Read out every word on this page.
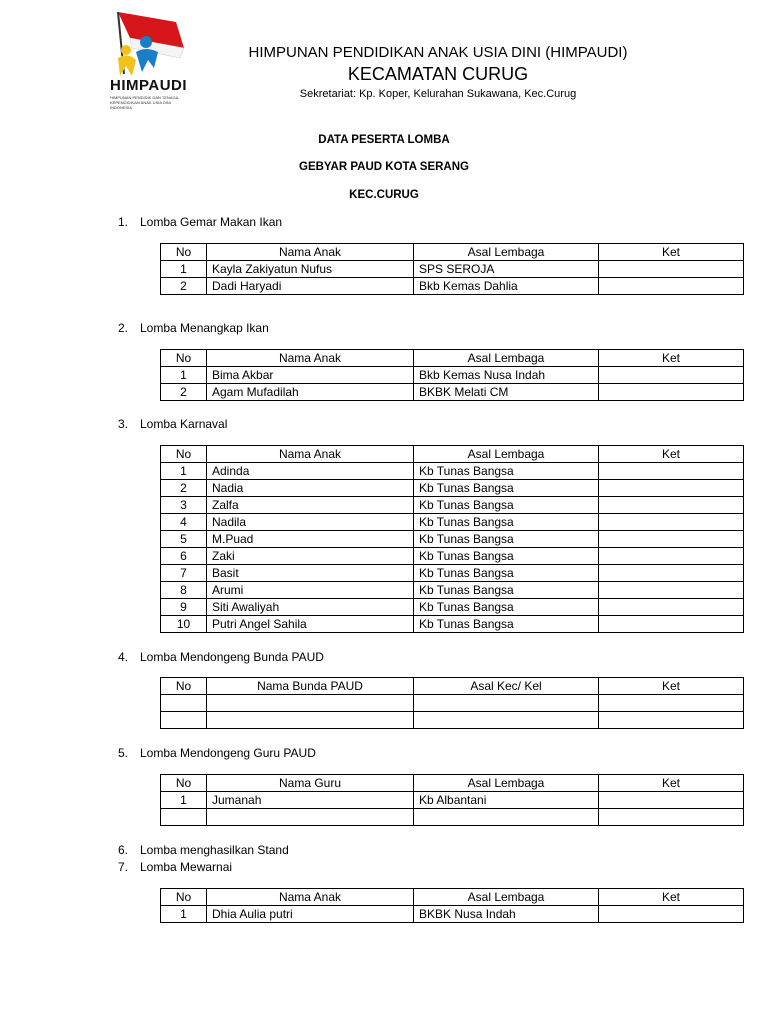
HIMPAUDI
HIMPUNAN PENDIDIK DAN TENAGA KEPENDIDIKAN ANAK USIA DINI INDONESIA
HIMPUNAN PENDIDIKAN ANAK USIA DINI (HIMPAUDI)
KECAMATAN CURUG
Sekretariat: Kp. Koper, Kelurahan Sukawana, Kec.Curug
DATA PESERTA LOMBA
GEBYAR PAUD KOTA SERANG
KEC.CURUG
1. Lomba Gemar Makan Ikan
2. Lomba Menangkap Ikan
3. Lomba Karnaval
4. Lomba Mendongeng Bunda PAUD
5. Lomba Mendongeng Guru PAUD
6. Lomba menghasilkan Stand
7. Lomba Mewarnai
No	Nama Anak	Asal Lembaga	Ket
1	Kayla Zakiyatun Nufus	SPS SEROJA	
2	Dadi Haryadi	Bkb Kemas Dahlia	
No	Nama Anak	Asal Lembaga	Ket
1	Bima Akbar	Bkb Kemas Nusa Indah	
2	Agam Mufadilah	BKBK Melati CM	
No	Nama Anak	Asal Lembaga	Ket
1	Adinda	Kb Tunas Bangsa	
2	Nadia	Kb Tunas Bangsa	
3	Zalfa	Kb Tunas Bangsa	
4	Nadila	Kb Tunas Bangsa	
5	M.Puad	Kb Tunas Bangsa	
6	Zaki	Kb Tunas Bangsa	
7	Basit	Kb Tunas Bangsa	
8	Arumi	Kb Tunas Bangsa	
9	Siti Awaliyah	Kb Tunas Bangsa	
10	Putri Angel Sahila	Kb Tunas Bangsa	
No	Nama Bunda PAUD	Asal Kec/ Kel	Ket

No	Nama Guru	Asal Lembaga	Ket
1	Jumanah	Kb Albantani	

No	Nama Anak	Asal Lembaga	Ket
1	Dhia Aulia putri	BKBK Nusa Indah	
